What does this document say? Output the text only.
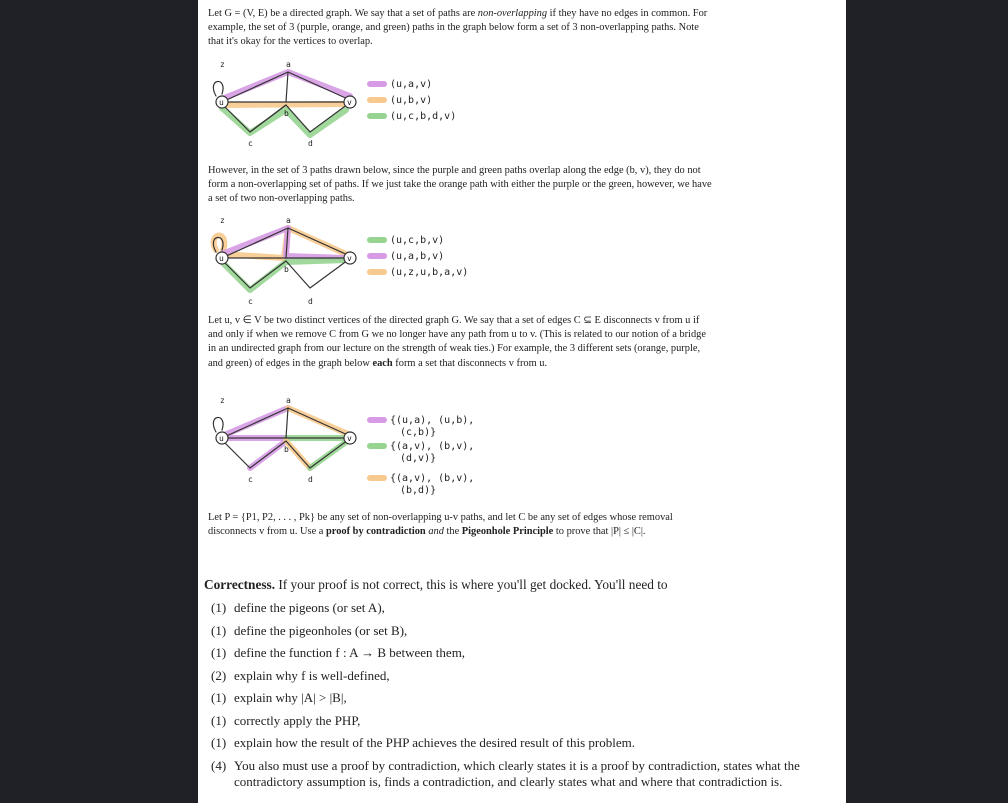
Let G = (V, E) be a directed graph. We say that a set of paths are non-overlapping if they have no edges in common. For example, the set of 3 (purple, orange, and green) paths in the graph below form a set of 3 non-overlapping paths. Note that it's okay for the vertices to overlap.

z	a
u
b
v
c	d
(u,a,v)
(u,b,v)
(u,c,b,d,v)

However, in the set of 3 paths drawn below, since the purple and green paths overlap along the edge (b, v), they do not form a non-overlapping set of paths. If we just take the orange path with either the purple or the green, however, we have a set of two non-overlapping paths.

z	a
u
b
v
c	d
(u,c,b,v)
(u,a,b,v)
(u,z,u,b,a,v)

Let u, v ∈ V be two distinct vertices of the directed graph G. We say that a set of edges C ⊆ E disconnects v from u if and only if when we remove C from G we no longer have any path from u to v. (This is related to our notion of a bridge in an undirected graph from our lecture on the strength of weak ties.) For example, the 3 different sets (orange, purple, and green) of edges in the graph below each form a set that disconnects v from u.

z	a
u
b
v
c	d
{(u,a), (u,b),
(c,b)}
{(a,v), (b,v),
(d,v)}
{(a,v), (b,v),
(b,d)}

Let P = {P1, P2, . . . , Pk} be any set of non-overlapping u-v paths, and let C be any set of edges whose removal disconnects v from u. Use a proof by contradiction and the Pigeonhole Principle to prove that |P| ≤ |C|.

Correctness. If your proof is not correct, this is where you'll get docked. You'll need to

(1) define the pigeons (or set A),
(1) define the pigeonholes (or set B),
(1) define the function f : A → B between them,
(2) explain why f is well-defined,
(1) explain why |A| > |B|,
(1) correctly apply the PHP,
(1) explain how the result of the PHP achieves the desired result of this problem.
(4) You also must use a proof by contradiction, which clearly states it is a proof by contradiction, states what the contradictory assumption is, finds a contradiction, and clearly states what and where that contradiction is.
